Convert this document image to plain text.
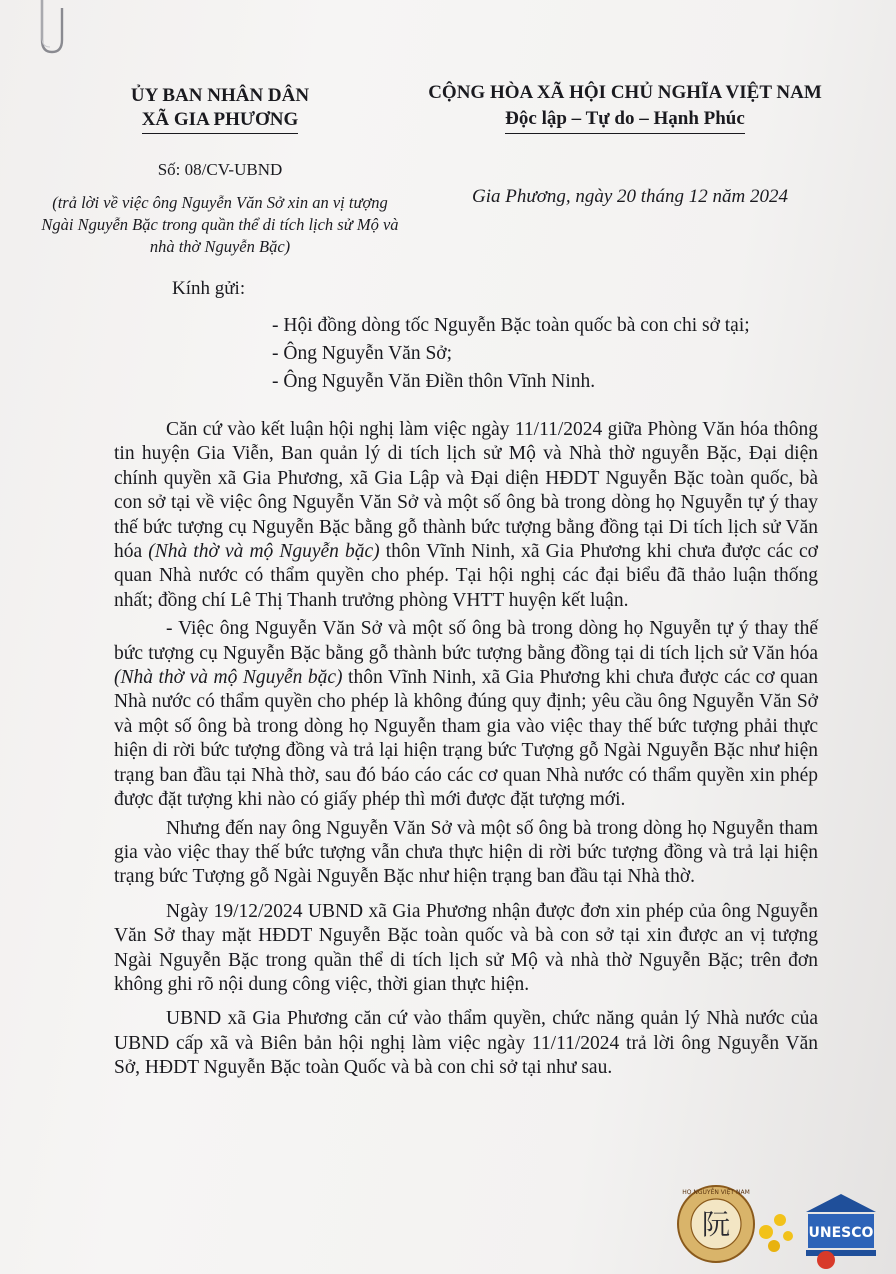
ỦY BAN NHÂN DÂN
XÃ GIA PHƯƠNG
CỘNG HÒA XÃ HỘI CHỦ NGHĨA VIỆT NAM
Độc lập – Tự do – Hạnh Phúc
Số: 08/CV-UBND
(trả lời về việc ông Nguyễn Văn Sở xin an vị tượng Ngài Nguyễn Bặc trong quần thể di tích lịch sử Mộ và nhà thờ Nguyễn Bặc)
Gia Phương, ngày 20 tháng 12 năm 2024
Kính gửi:
- Hội đồng dòng tốc Nguyễn Bặc toàn quốc bà con chi sở tại;
- Ông Nguyễn Văn Sở;
- Ông Nguyễn Văn Điền thôn Vĩnh Ninh.

Căn cứ vào kết luận hội nghị làm việc ngày 11/11/2024 giữa Phòng Văn hóa thông tin huyện Gia Viễn, Ban quản lý di tích lịch sử Mộ và Nhà thờ nguyễn Bặc, Đại diện chính quyền xã Gia Phương, xã Gia Lập và Đại diện HĐDT Nguyễn Bặc toàn quốc, bà con sở tại về việc ông Nguyễn Văn Sở và một số ông bà trong dòng họ Nguyễn tự ý thay thế bức tượng cụ Nguyễn Bặc bằng gỗ thành bức tượng bằng đồng tại Di tích lịch sử Văn hóa (Nhà thờ và mộ Nguyễn bặc) thôn Vĩnh Ninh, xã Gia Phương khi chưa được các cơ quan Nhà nước có thẩm quyền cho phép. Tại hội nghị các đại biểu đã thảo luận thống nhất; đồng chí Lê Thị Thanh trưởng phòng VHTT huyện kết luận.

- Việc ông Nguyễn Văn Sở và một số ông bà trong dòng họ Nguyễn tự ý thay thế bức tượng cụ Nguyễn Bặc bằng gỗ thành bức tượng bằng đồng tại di tích lịch sử Văn hóa (Nhà thờ và mộ Nguyễn bặc) thôn Vĩnh Ninh, xã Gia Phương khi chưa được các cơ quan Nhà nước có thẩm quyền cho phép là không đúng quy định; yêu cầu ông Nguyễn Văn Sở và một số ông bà trong dòng họ Nguyễn tham gia vào việc thay thế bức tượng phải thực hiện di rời bức tượng đồng và trả lại hiện trạng bức Tượng gỗ Ngài Nguyễn Bặc như hiện trạng ban đầu tại Nhà thờ, sau đó báo cáo các cơ quan Nhà nước có thẩm quyền xin phép được đặt tượng khi nào có giấy phép thì mới được đặt tượng mới.

Nhưng đến nay ông Nguyễn Văn Sở và một số ông bà trong dòng họ Nguyễn tham gia vào việc thay thế bức tượng vẫn chưa thực hiện di rời bức tượng đồng và trả lại hiện trạng bức Tượng gỗ Ngài Nguyễn Bặc như hiện trạng ban đầu tại Nhà thờ.

Ngày 19/12/2024 UBND xã Gia Phương nhận được đơn xin phép của ông Nguyễn Văn Sở thay mặt HĐDT Nguyễn Bặc toàn quốc và bà con sở tại xin được an vị tượng Ngài Nguyễn Bặc trong quần thể di tích lịch sử Mộ và nhà thờ Nguyễn Bặc; trên đơn không ghi rõ nội dung công việc, thời gian thực hiện.

UBND xã Gia Phương căn cứ vào thẩm quyền, chức năng quản lý Nhà nước của UBND cấp xã và Biên bản hội nghị làm việc ngày 11/11/2024 trả lời ông Nguyễn Văn Sở, HĐDT Nguyễn Bặc toàn Quốc và bà con chi sở tại như sau.

阮
HỌ NGUYỄN VIỆT NAM
UNESCO
